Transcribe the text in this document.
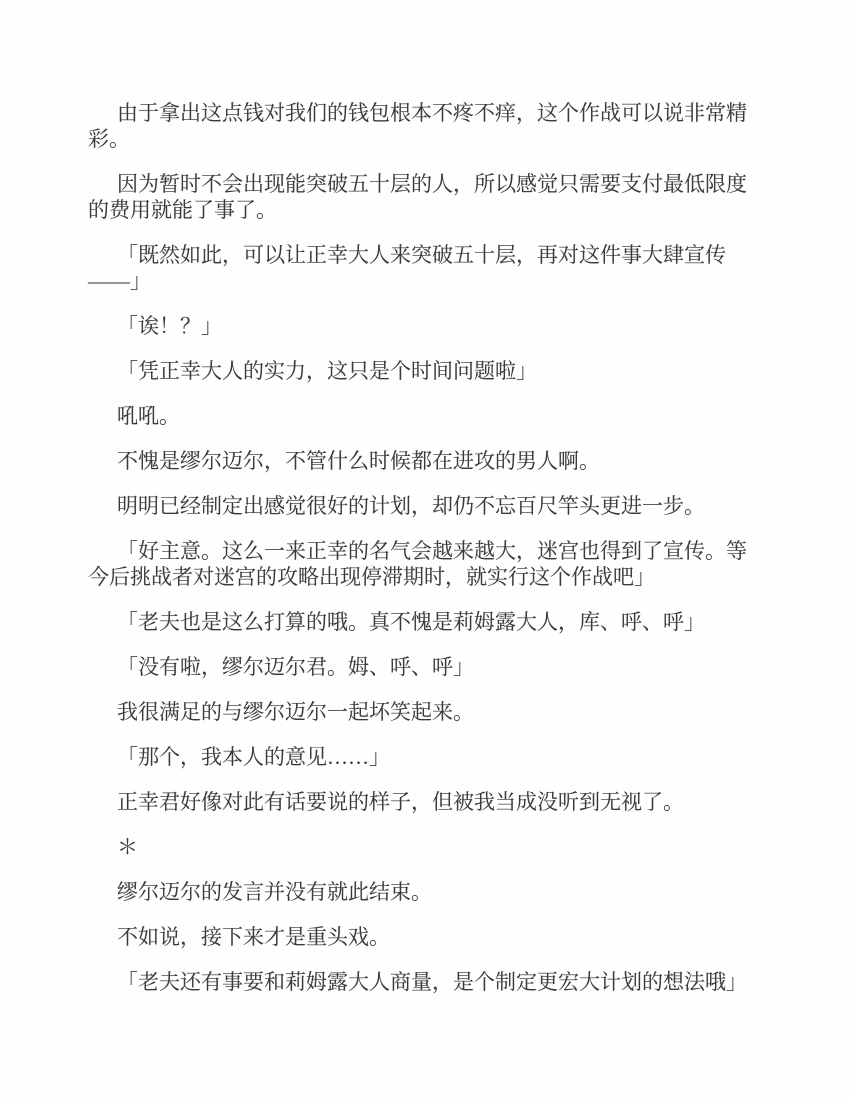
由于拿出这点钱对我们的钱包根本不疼不痒，这个作战可以说非常精彩。

因为暂时不会出现能突破五十层的人，所以感觉只需要支付最低限度的费用就能了事了。

「既然如此，可以让正幸大人来突破五十层，再对这件事大肆宣传——」

「诶！？」

「凭正幸大人的实力，这只是个时间问题啦」

吼吼。

不愧是缪尔迈尔，不管什么时候都在进攻的男人啊。

明明已经制定出感觉很好的计划，却仍不忘百尺竿头更进一步。

「好主意。这么一来正幸的名气会越来越大，迷宫也得到了宣传。等今后挑战者对迷宫的攻略出现停滞期时，就实行这个作战吧」

「老夫也是这么打算的哦。真不愧是莉姆露大人，库、呼、呼」

「没有啦，缪尔迈尔君。姆、呼、呼」

我很满足的与缪尔迈尔一起坏笑起来。

「那个，我本人的意见……」

正幸君好像对此有话要说的样子，但被我当成没听到无视了。

＊

缪尔迈尔的发言并没有就此结束。

不如说，接下来才是重头戏。

「老夫还有事要和莉姆露大人商量，是个制定更宏大计划的想法哦」
